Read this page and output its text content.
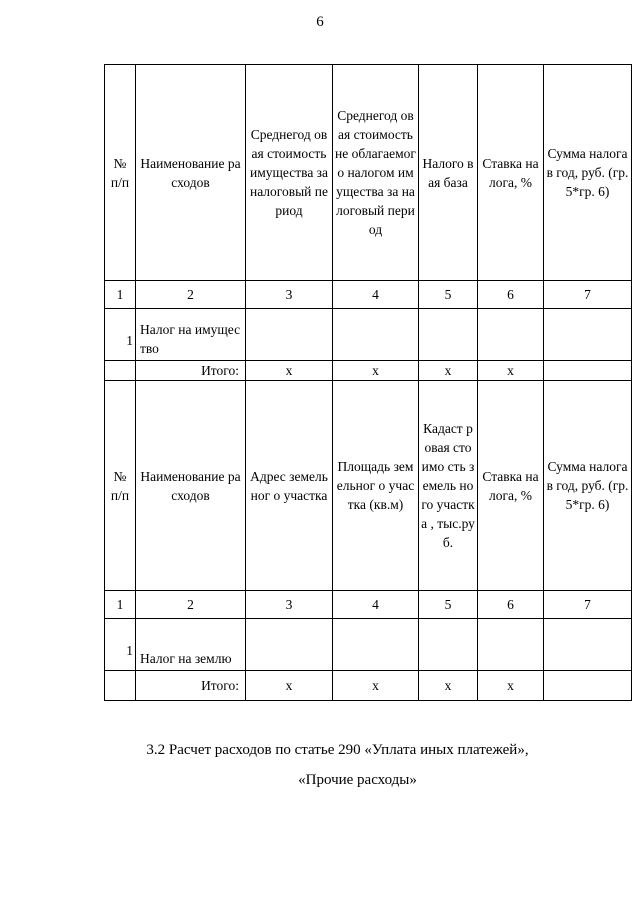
6
№ п/п	Наименование расходов	Среднегод овая стоимость имущества за налоговый период	Среднегод овая стоимость не облагаемог о налогом имущества за налоговый период	Налого вая база	Ставка налога, %	Сумма налога в год, руб. (гр.5*гр. 6)
1	2	3	4	5	6	7
1	Налог на имущество					
	Итого:	x	x	x	x	
№ п/п	Наименование расходов	Адрес земельног о участка	Площадь земельног о участка (кв.м)	Кадаст ровая стоимо сть земель ного участка , тыс.ру б.	Ставка налога, %	Сумма налога в год, руб. (гр.5*гр. 6)
1	2	3	4	5	6	7
1	Налог на землю					
	Итого:	x	x	x	x	
3.2 Расчет расходов по статье 290 «Уплата иных платежей»,
«Прочие расходы»
